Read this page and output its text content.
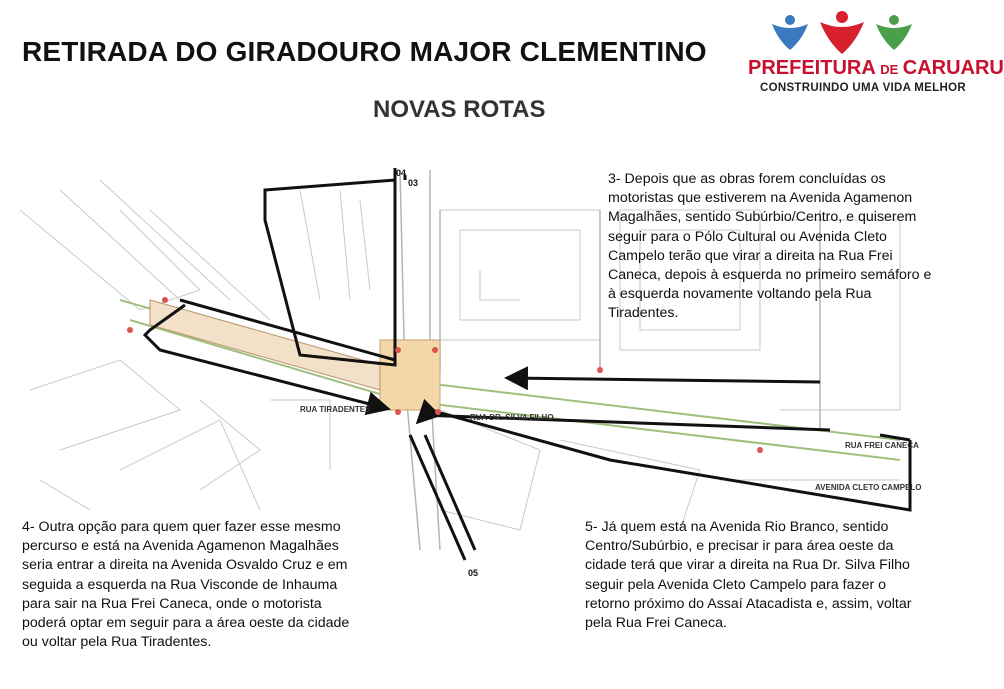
RETIRADA DO GIRADOURO MAJOR CLEMENTINO
NOVAS ROTAS
PREFEITURA DE CARUARU
CONSTRUINDO UMA VIDA MELHOR
04
03
05
RUA TIRADENTES
RUA FREI CANECA
RUA DR. SILVA FILHO
AVENIDA CLETO CAMPELO
3- Depois que as obras forem concluídas os motoristas que estiverem na Avenida Agamenon Magalhães, sentido Subúrbio/Centro, e quiserem seguir para o Pólo Cultural ou Avenida Cleto Campelo terão que virar a direita na Rua Frei Caneca, depois à esquerda no primeiro semáforo e à esquerda novamente voltando pela Rua Tiradentes.
4- Outra opção para quem quer fazer esse mesmo percurso e está na Avenida Agamenon Magalhães seria entrar a direita na Avenida Osvaldo Cruz e em seguida a esquerda na Rua Visconde de Inhauma para sair na Rua Frei Caneca, onde o motorista poderá optar em seguir para a área oeste da cidade ou voltar pela Rua Tiradentes.
5- Já quem está na Avenida Rio Branco, sentido Centro/Subúrbio, e precisar ir para área oeste da cidade terá que virar a direita na Rua Dr. Silva Filho seguir pela Avenida Cleto Campelo para fazer o retorno próximo do Assaí Atacadista e, assim, voltar pela Rua Frei Caneca.
